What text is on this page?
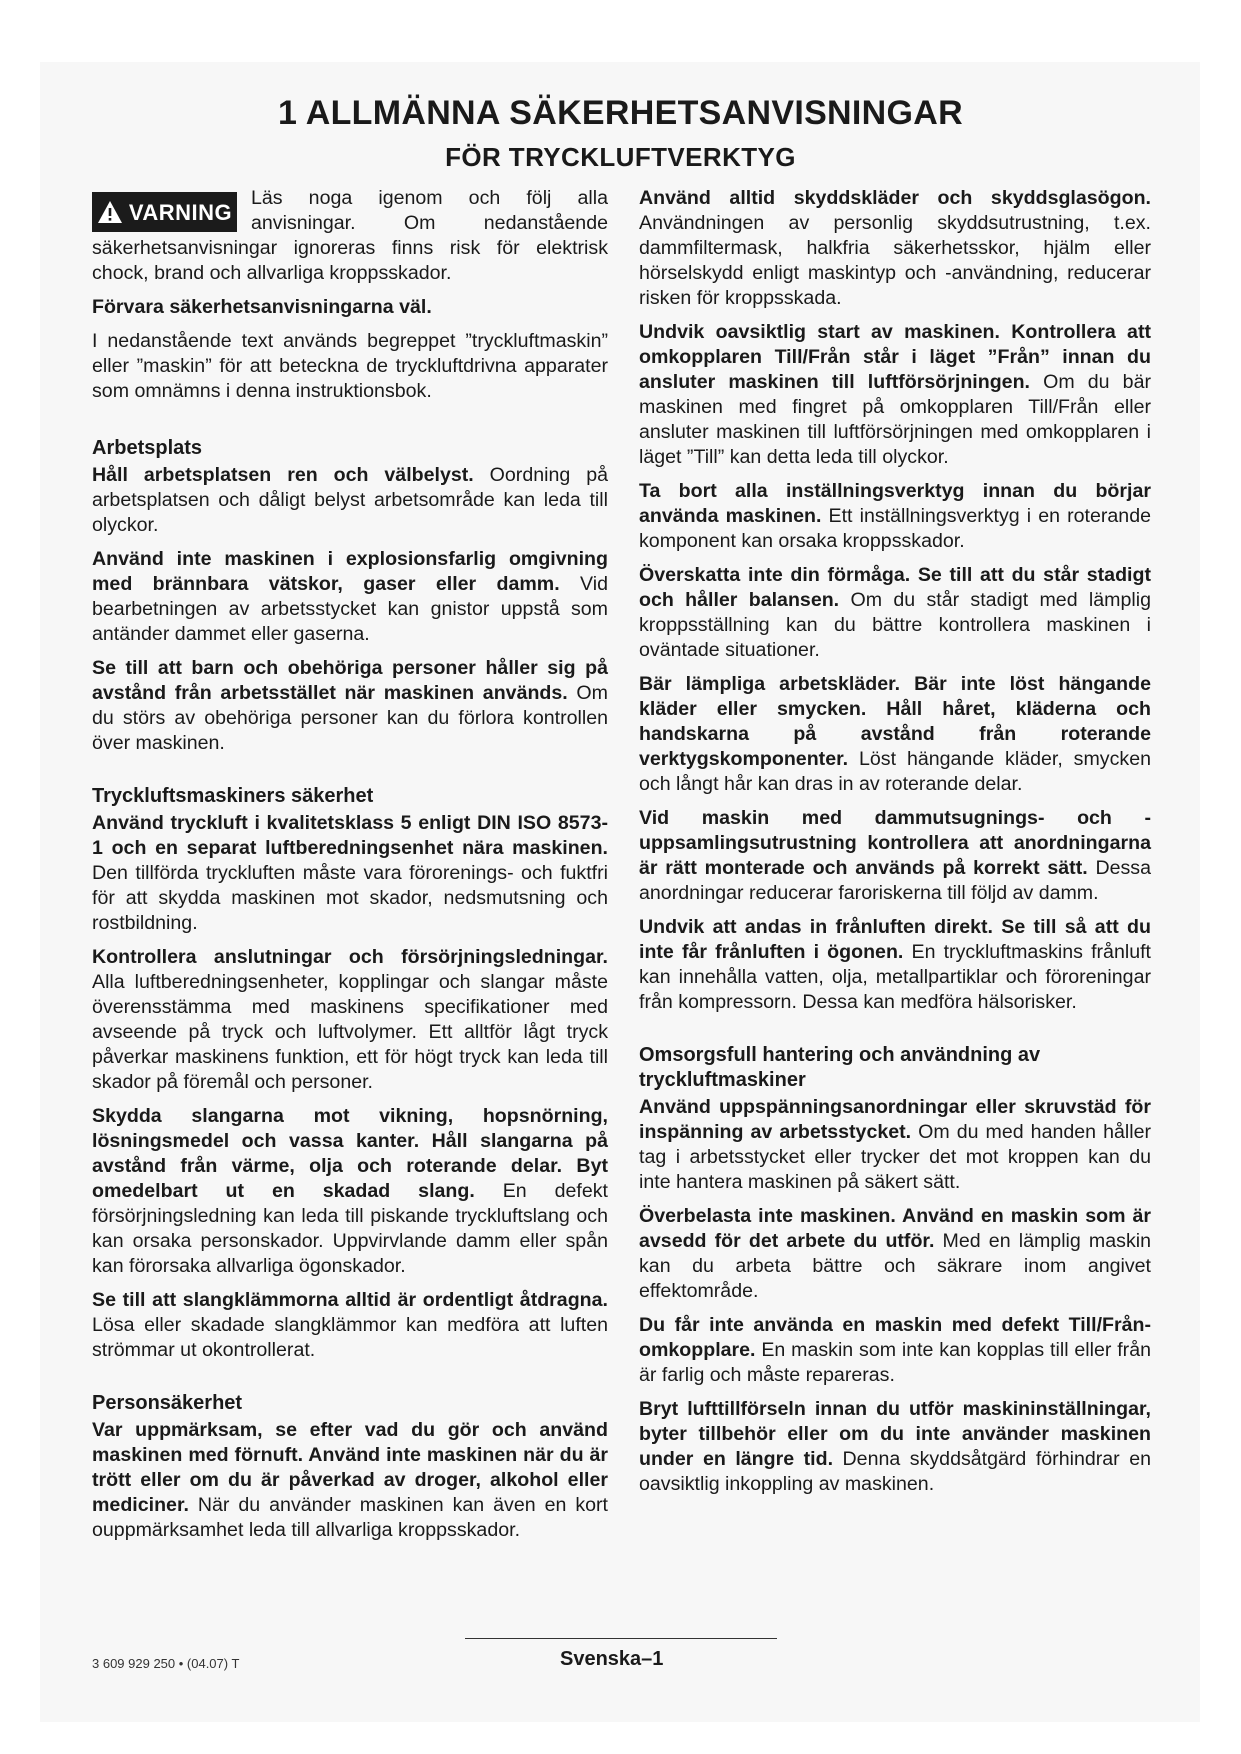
1 ALLMÄNNA SÄKERHETSANVISNINGAR
FÖR TRYCKLUFTVERKTYG
VARNING

Läs noga igenom och följ alla anvisningar. Om nedanstående säkerhetsanvisningar ignoreras finns risk för elektrisk chock, brand och allvarliga kroppsskador.

Förvara säkerhetsanvisningarna väl.

I nedanstående text används begreppet ”tryckluftmaskin” eller ”maskin” för att beteckna de tryckluftdrivna apparater som omnämns i denna instruktionsbok.

Arbetsplats

Håll arbetsplatsen ren och välbelyst. Oordning på arbetsplatsen och dåligt belyst arbetsområde kan leda till olyckor.

Använd inte maskinen i explosionsfarlig omgivning med brännbara vätskor, gaser eller damm. Vid bearbetningen av arbetsstycket kan gnistor uppstå som antänder dammet eller gaserna.

Se till att barn och obehöriga personer håller sig på avstånd från arbetsstället när maskinen används. Om du störs av obehöriga personer kan du förlora kontrollen över maskinen.

Tryckluftsmaskiners säkerhet

Använd tryckluft i kvalitetsklass 5 enligt DIN ISO 8573-1 och en separat luftberedningsenhet nära maskinen. Den tillförda tryckluften måste vara förorenings- och fuktfri för att skydda maskinen mot skador, nedsmutsning och rostbildning.

Kontrollera anslutningar och försörjningsledningar. Alla luftberedningsenheter, kopplingar och slangar måste överensstämma med maskinens specifikationer med avseende på tryck och luftvolymer. Ett alltför lågt tryck påverkar maskinens funktion, ett för högt tryck kan leda till skador på föremål och personer.

Skydda slangarna mot vikning, hopsnörning, lösningsmedel och vassa kanter. Håll slangarna på avstånd från värme, olja och roterande delar. Byt omedelbart ut en skadad slang. En defekt försörjningsledning kan leda till piskande tryckluftslang och kan orsaka personskador. Uppvirvlande damm eller spån kan förorsaka allvarliga ögonskador.

Se till att slangklämmorna alltid är ordentligt åtdragna. Lösa eller skadade slangklämmor kan medföra att luften strömmar ut okontrollerat.

Personsäkerhet

Var uppmärksam, se efter vad du gör och använd maskinen med förnuft. Använd inte maskinen när du är trött eller om du är påverkad av droger, alkohol eller mediciner. När du använder maskinen kan även en kort ouppmärksamhet leda till allvarliga kroppsskador.

Använd alltid skyddskläder och skyddsglasögon. Användningen av personlig skyddsutrustning, t.ex. dammfiltermask, halkfria säkerhetsskor, hjälm eller hörselskydd enligt maskintyp och -användning, reducerar risken för kroppsskada.

Undvik oavsiktlig start av maskinen. Kontrollera att omkopplaren Till/Från står i läget ”Från” innan du ansluter maskinen till luftförsörjningen. Om du bär maskinen med fingret på omkopplaren Till/Från eller ansluter maskinen till luftförsörjningen med omkopplaren i läget ”Till” kan detta leda till olyckor.

Ta bort alla inställningsverktyg innan du börjar använda maskinen. Ett inställningsverktyg i en roterande komponent kan orsaka kroppsskador.

Överskatta inte din förmåga. Se till att du står stadigt och håller balansen. Om du står stadigt med lämplig kroppsställning kan du bättre kontrollera maskinen i oväntade situationer.

Bär lämpliga arbetskläder. Bär inte löst hängande kläder eller smycken. Håll håret, kläderna och handskarna på avstånd från roterande verktygskomponenter. Löst hängande kläder, smycken och långt hår kan dras in av roterande delar.

Vid maskin med dammutsugnings- och -uppsamlingsutrustning kontrollera att anordningarna är rätt monterade och används på korrekt sätt. Dessa anordningar reducerar faroriskerna till följd av damm.

Undvik att andas in frånluften direkt. Se till så att du inte får frånluften i ögonen. En tryckluftmaskins frånluft kan innehålla vatten, olja, metallpartiklar och föroreningar från kompressorn. Dessa kan medföra hälsorisker.

Omsorgsfull hantering och användning av tryckluftmaskiner

Använd uppspänningsanordningar eller skruvstäd för inspänning av arbetsstycket. Om du med handen håller tag i arbetsstycket eller trycker det mot kroppen kan du inte hantera maskinen på säkert sätt.

Överbelasta inte maskinen. Använd en maskin som är avsedd för det arbete du utför. Med en lämplig maskin kan du arbeta bättre och säkrare inom angivet effektområde.

Du får inte använda en maskin med defekt Till/Från-omkopplare. En maskin som inte kan kopplas till eller från är farlig och måste repareras.

Bryt lufttillförseln innan du utför maskininställningar, byter tillbehör eller om du inte använder maskinen under en längre tid. Denna skyddsåtgärd förhindrar en oavsiktlig inkoppling av maskinen.

3 609 929 250 • (04.07) T	Svenska–1
